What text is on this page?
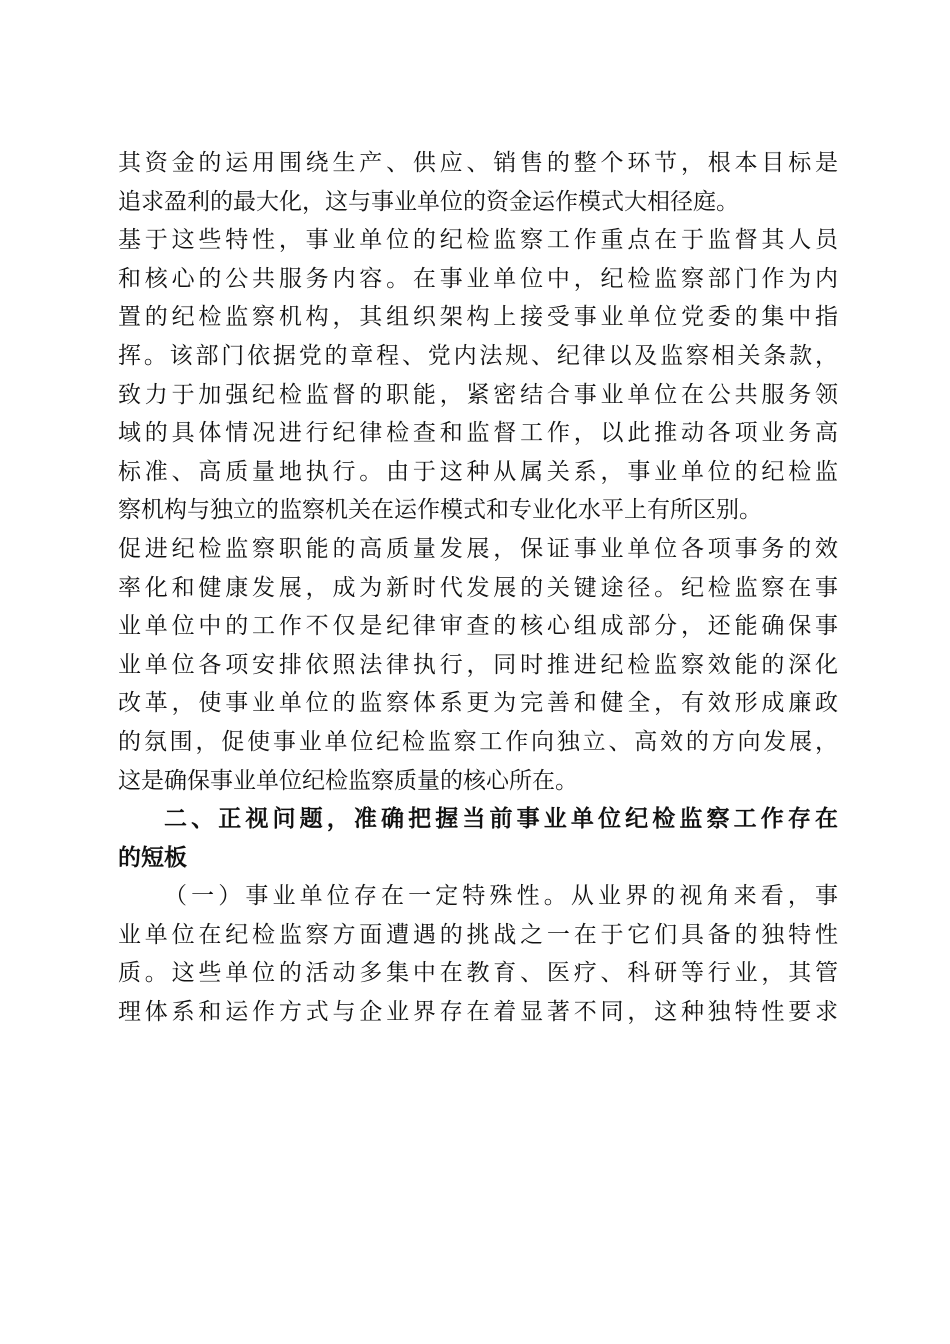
其资金的运用围绕生产、供应、销售的整个环节，根本目标是
追求盈利的最大化，这与事业单位的资金运作模式大相径庭。
基于这些特性，事业单位的纪检监察工作重点在于监督其人员
和核心的公共服务内容。在事业单位中，纪检监察部门作为内
置的纪检监察机构，其组织架构上接受事业单位党委的集中指
挥。该部门依据党的章程、党内法规、纪律以及监察相关条款，
致力于加强纪检监督的职能，紧密结合事业单位在公共服务领
域的具体情况进行纪律检查和监督工作，以此推动各项业务高
标准、高质量地执行。由于这种从属关系，事业单位的纪检监
察机构与独立的监察机关在运作模式和专业化水平上有所区别。
促进纪检监察职能的高质量发展，保证事业单位各项事务的效
率化和健康发展，成为新时代发展的关键途径。纪检监察在事
业单位中的工作不仅是纪律审查的核心组成部分，还能确保事
业单位各项安排依照法律执行，同时推进纪检监察效能的深化
改革，使事业单位的监察体系更为完善和健全，有效形成廉政
的氛围，促使事业单位纪检监察工作向独立、高效的方向发展，
这是确保事业单位纪检监察质量的核心所在。
二、正视问题，准确把握当前事业单位纪检监察工作存在
的短板
（一）事业单位存在一定特殊性。从业界的视角来看，事
业单位在纪检监察方面遭遇的挑战之一在于它们具备的独特性
质。这些单位的活动多集中在教育、医疗、科研等行业，其管
理体系和运作方式与企业界存在着显著不同，这种独特性要求
